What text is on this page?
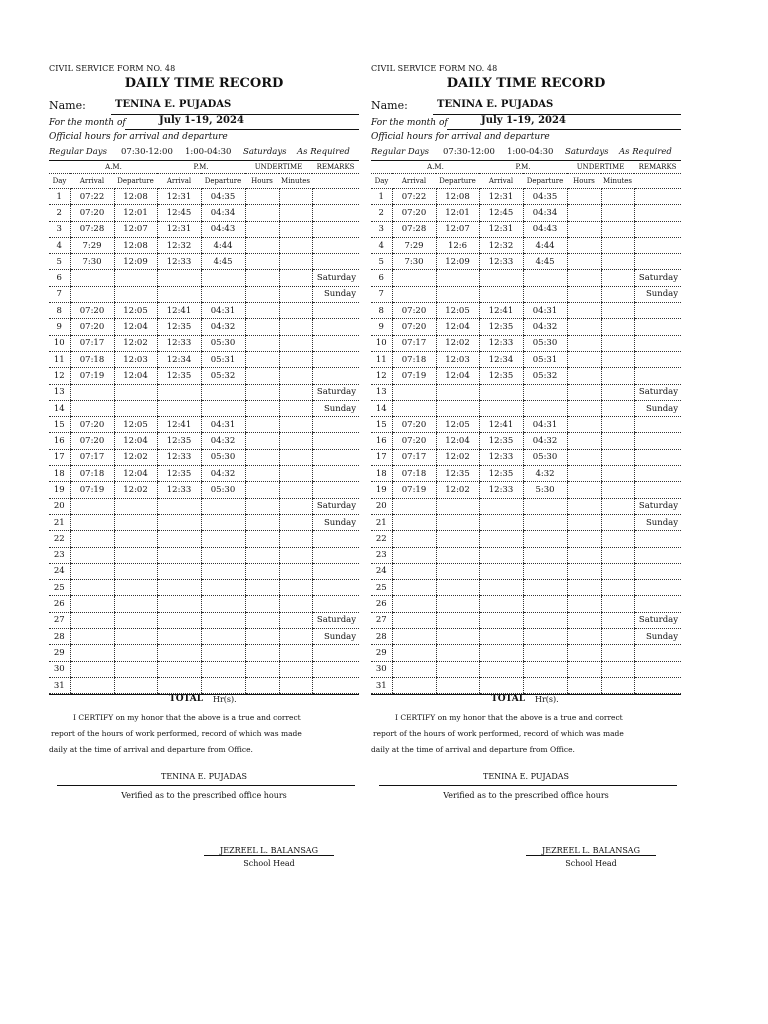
CIVIL SERVICE FORM NO. 48
DAILY TIME RECORD
Name:	TENINA E. PUJADAS
For the month of	July 1-19, 2024
Official hours for arrival and departure
Regular Days 07:30-12:00 1:00-04:30 Saturdays As Required
	A.M.		P.M.		UNDERTIME		REMARKS
Day	Arrival	Departure	Arrival	Departure	Hours	Minutes	
1	07:22	12:08	12:31	04:35			
2	07:20	12:01	12:45	04:34			
3	07:28	12:07	12:31	04:43			
4	7:29	12:08	12:32	4:44			
5	7:30	12:09	12:33	4:45			
6							Saturday
7							Sunday
8	07:20	12:05	12:41	04:31			
9	07:20	12:04	12:35	04:32			
10	07:17	12:02	12:33	05:30			
11	07:18	12:03	12:34	05:31			
12	07:19	12:04	12:35	05:32			
13							Saturday
14							Sunday
15	07:20	12:05	12:41	04:31			
16	07:20	12:04	12:35	04:32			
17	07:17	12:02	12:33	05:30			
18	07:18	12:04	12:35	04:32			
19	07:19	12:02	12:33	05:30			
20							Saturday
21							Sunday
22							
23							
24							
25							
26							
27							Saturday
28							Sunday
29							
30							
31							
TOTAL Hr(s).
I CERTIFY on my honor that the above is a true and correct
report of the hours of work performed, record of which was made
daily at the time of arrival and departure from Office.
TENINA E. PUJADAS
Verified as to the prescribed office hours
JEZREEL L. BALANSAG
School Head
CIVIL SERVICE FORM NO. 48
DAILY TIME RECORD
Name:	TENINA E. PUJADAS
For the month of	July 1-19, 2024
Official hours for arrival and departure
Regular Days 07:30-12:00 1:00-04:30 Saturdays As Required
	A.M.		P.M.		UNDERTIME		REMARKS
Day	Arrival	Departure	Arrival	Departure	Hours	Minutes	
1	07:22	12:08	12:31	04:35			
2	07:20	12:01	12:45	04:34			
3	07:28	12:07	12:31	04:43			
4	7:29	12:6	12:32	4:44			
5	7:30	12:09	12:33	4:45			
6							Saturday
7							Sunday
8	07:20	12:05	12:41	04:31			
9	07:20	12:04	12:35	04:32			
10	07:17	12:02	12:33	05:30			
11	07:18	12:03	12:34	05:31			
12	07:19	12:04	12:35	05:32			
13							Saturday
14							Sunday
15	07:20	12:05	12:41	04:31			
16	07:20	12:04	12:35	04:32			
17	07:17	12:02	12:33	05:30			
18	07:18	12:35	12:35	4:32			
19	07:19	12:02	12:33	5:30			
20							Saturday
21							Sunday
22							
23							
24							
25							
26							
27							Saturday
28							Sunday
29							
30							
31							
TOTAL Hr(s).
I CERTIFY on my honor that the above is a true and correct
report of the hours of work performed, record of which was made
daily at the time of arrival and departure from Office.
TENINA E. PUJADAS
Verified as to the prescribed office hours
JEZREEL L. BALANSAG
School Head
